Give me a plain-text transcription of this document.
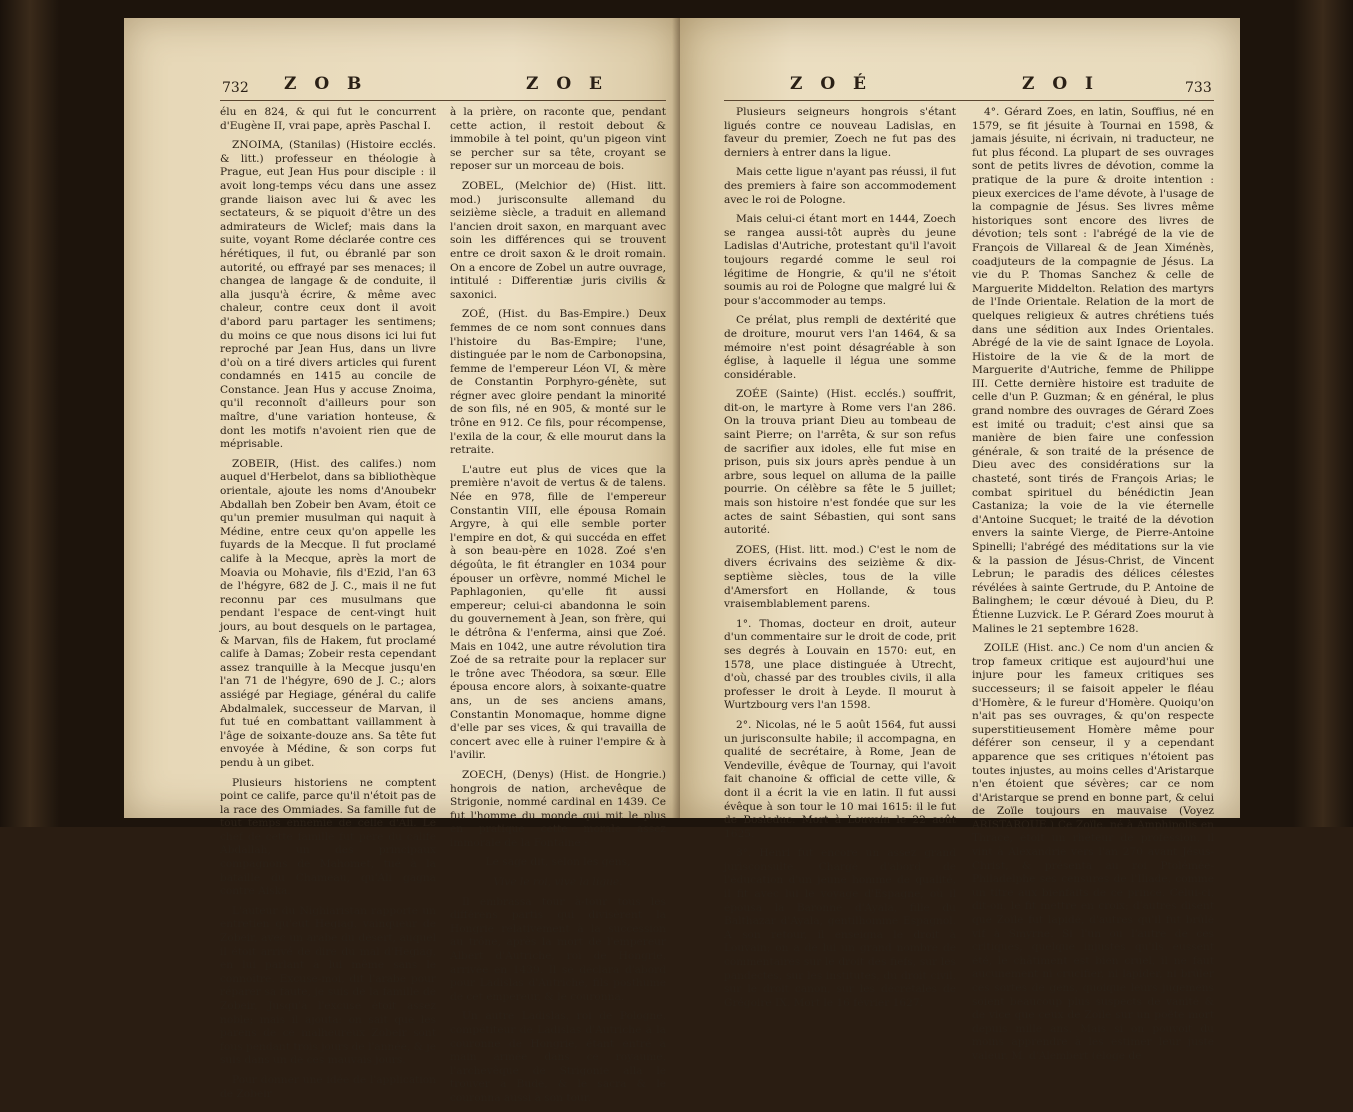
732 Z O B	Z O E

élu en 824, & qui fut le concurrent d'Eugène II, vrai pape, après Paschal I.

ZNOIMA, (Stanilas) (Histoire ecclés. & litt.) professeur en théologie à Prague, eut Jean Hus pour disciple : il avoit long-temps vécu dans une assez grande liaison avec lui & avec les sectateurs, & se piquoit d'être un des admirateurs de Wiclef; mais dans la suite, voyant Rome déclarée contre ces hérétiques, il fut, ou ébranlé par son autorité, ou effrayé par ses menaces; il changea de langage & de conduite, il alla jusqu'à écrire, & même avec chaleur, contre ceux dont il avoit d'abord paru partager les sentimens; du moins ce que nous disons ici lui fut reproché par Jean Hus, dans un livre d'où on a tiré divers articles qui furent condamnés en 1415 au concile de Constance. Jean Hus y accuse Znoima, qu'il reconnoît d'ailleurs pour son maître, d'une variation honteuse, & dont les motifs n'avoient rien que de méprisable.

ZOBEIR, (Hist. des califes.) nom auquel d'Herbelot, dans sa bibliothèque orientale, ajoute les noms d'Anoubekr Abdallah ben Zobeir ben Avam, étoit ce qu'un premier musulman qui naquit à Médine, entre ceux qu'on appelle les fuyards de la Mecque. Il fut proclamé calife à la Mecque, après la mort de Moavia ou Mohavie, fils d'Ezid, l'an 63 de l'hégyre, 682 de J. C., mais il ne fut reconnu par ces musulmans que pendant l'espace de cent-vingt huit jours, au bout desquels on le partagea, & Marvan, fils de Hakem, fut proclamé calife à Damas; Zobeir resta cependant assez tranquille à la Mecque jusqu'en l'an 71 de l'hégyre, 690 de J. C.; alors assiégé par Hegiage, général du calife Abdalmalek, successeur de Marvan, il fut tué en combattant vaillamment à l'âge de soixante-douze ans. Sa tête fut envoyée à Médine, & son corps fut pendu à un gibet.

Plusieurs historiens ne comptent point ce calife, parce qu'il n'étoit pas de la race des Ommiades. Sa famille fut de tout temps ennemie de celle d'Ali. Le chef de cette famille fut père du calife Abdallah, un des principaux compagnons de Mahomet, tué à la bataille du Chameau, qu'Ali gagna contre Aiska.

L'auteur du Nighiaristan rapporte un entretien qu'eut Hegiag, vainqueur de Zobeir, avec un arabe du désert, auquel il étoit arrivé de dire du mal d'Hegiag, en lui parlant à lui même sans le connoître. Excuse-moi, dit l'arabe pour réparer sa faute, je suis de la famille de Zobeir, Jusqu'à l'excuse étoit assez noble; mais il ajouta: on sait que les parens de ce malheureux Zobeir sont fous pendant trois jours de l'année, & je suis dans un de ces mauvais jours.

Pour donner une idée de l'application de Zobeir

à la prière, on raconte que, pendant cette action, il restoit debout & immobile à tel point, qu'un pigeon vint se percher sur sa tête, croyant se reposer sur un morceau de bois.

ZOBEL, (Melchior de) (Hist. litt. mod.) jurisconsulte allemand du seizième siècle, a traduit en allemand l'ancien droit saxon, en marquant avec soin les différences qui se trouvent entre ce droit saxon & le droit romain. On a encore de Zobel un autre ouvrage, intitulé : Differentiæ juris civilis & saxonici.

ZOÉ, (Hist. du Bas-Empire.) Deux femmes de ce nom sont connues dans l'histoire du Bas-Empire; l'une, distinguée par le nom de Carbonopsina, femme de l'empereur Léon VI, & mère de Constantin Porphyro-génète, sut régner avec gloire pendant la minorité de son fils, né en 905, & monté sur le trône en 912. Ce fils, pour récompense, l'exila de la cour, & elle mourut dans la retraite.

L'autre eut plus de vices que la première n'avoit de vertus & de talens. Née en 978, fille de l'empereur Constantin VIII, elle épousa Romain Argyre, à qui elle semble porter l'empire en dot, & qui succéda en effet à son beau-père en 1028. Zoé s'en dégoûta, le fit étrangler en 1034 pour épouser un orfèvre, nommé Michel le Paphlagonien, qu'elle fit aussi empereur; celui-ci abandonna le soin du gouvernement à Jean, son frère, qui le détrôna & l'enferma, ainsi que Zoé. Mais en 1042, une autre révolution tira Zoé de sa retraite pour la replacer sur le trône avec Théodora, sa sœur. Elle épousa encore alors, à soixante-quatre ans, un de ses anciens amans, Constantin Monomaque, homme digne d'elle par ses vices, & qui travailla de concert avec elle à ruiner l'empire & à l'avilir.

ZOECH, (Denys) (Hist. de Hongrie.) hongrois de nation, archevêque de Strigonie, nommé cardinal en 1439. Ce fut l'homme du monde qui mit le plus en pratique cette morale assez immorale de la Fontaine :

Le sage dit, selon les gens,

Vive le roi, vive la ligue.

Il embrassa tour à-tour tous les différens partis qui divisèrent la Hongrie relativement à la succession au trône, après la mort de l'empereur Albert d'Autriche, roi de Hongrie, arrivée en 1439. Il se déclara d'abord pour Ladislas d'Autriche, fils posthume de cet empereur, & le couronna.

Un autre Ladislas, roi de Pologne, compétiteur de Ladislas d'Autriche à la couronne de Hongrie, étant entré à main armée dans ce royaume, l'archevêque de Strigonie alla le trouver à Bude, & le sacra & le couronna aussi à son tour.

Z O É	Z O I	733

Plusieurs seigneurs hongrois s'étant ligués contre ce nouveau Ladislas, en faveur du premier, Zoech ne fut pas des derniers à entrer dans la ligue.

Mais cette ligue n'ayant pas réussi, il fut des premiers à faire son accommodement avec le roi de Pologne.

Mais celui-ci étant mort en 1444, Zoech se rangea aussi-tôt auprès du jeune Ladislas d'Autriche, protestant qu'il l'avoit toujours regardé comme le seul roi légitime de Hongrie, & qu'il ne s'étoit soumis au roi de Pologne que malgré lui & pour s'accommoder au temps.

Ce prélat, plus rempli de dextérité que de droiture, mourut vers l'an 1464, & sa mémoire n'est point désagréable à son église, à laquelle il légua une somme considérable.

ZOÉE (Sainte) (Hist. ecclés.) souffrit, dit-on, le martyre à Rome vers l'an 286. On la trouva priant Dieu au tombeau de saint Pierre; on l'arrêta, & sur son refus de sacrifier aux idoles, elle fut mise en prison, puis six jours après pendue à un arbre, sous lequel on alluma de la paille pourrie. On célèbre sa fête le 5 juillet; mais son histoire n'est fondée que sur les actes de saint Sébastien, qui sont sans autorité.

ZOES, (Hist. litt. mod.) C'est le nom de divers écrivains des seizième & dix-septième siècles, tous de la ville d'Amersfort en Hollande, & tous vraisemblablement parens.

1°. Thomas, docteur en droit, auteur d'un commentaire sur le droit de code, prit ses degrés à Louvain en 1570: eut, en 1578, une place distinguée à Utrecht, d'où, chassé par des troubles civils, il alla professer le droit à Leyde. Il mourut à Wurtzbourg vers l'an 1598.

2°. Nicolas, né le 5 août 1564, fut aussi un jurisconsulte habile; il accompagna, en qualité de secrétaire, à Rome, Jean de Vendeville, évêque de Tournay, qui l'avoit fait chanoine & official de cette ville, & dont il a écrit la vie en latin. Il fut aussi évêque à son tour le 10 mai 1615: il le fut de Bosleduc. Mort à Louvain le 22 août 1625.

3°. Henri fut encore un assez grand jurisconsulte. Chargé d'abord de l'éducation d'un jeune homme de qualité, il fit avec lui le voyage d'Espagne, où il épousa la Baronne d'Ayala, fille du Balthazar d'Ayala, gentilhomme Espagnol. A son retour, il enseigna le droit à Louvain; on a de lui un grand nombre de commentaires sur le droit des fiefs, sur les pandectes, sur les institutes, du droit civil, sur le droit canon, sur les décrétales de Grégoire IX. Mort le 16 février 1627.

4°. Gérard Zoes, en latin, Souffius, né en 1579, se fit jésuite à Tournai en 1598, & jamais jésuite, ni écrivain, ni traducteur, ne fut plus fécond. La plupart de ses ouvrages sont de petits livres de dévotion, comme la pratique de la pure & droite intention : pieux exercices de l'ame dévote, à l'usage de la compagnie de Jésus. Ses livres même historiques sont encore des livres de dévotion; tels sont : l'abrégé de la vie de François de Villareal & de Jean Ximénès, coadjuteurs de la compagnie de Jésus. La vie du P. Thomas Sanchez & celle de Marguerite Middelton. Relation des martyrs de l'Inde Orientale. Relation de la mort de quelques religieux & autres chrétiens tués dans une sédition aux Indes Orientales. Abrégé de la vie de saint Ignace de Loyola. Histoire de la vie & de la mort de Marguerite d'Autriche, femme de Philippe III. Cette dernière histoire est traduite de celle d'un P. Guzman; & en général, le plus grand nombre des ouvrages de Gérard Zoes est imité ou traduit; c'est ainsi que sa manière de bien faire une confession générale, & son traité de la présence de Dieu avec des considérations sur la chasteté, sont tirés de François Arias; le combat spirituel du bénédictin Jean Castaniza; la voie de la vie éternelle d'Antoine Sucquet; le traité de la dévotion envers la sainte Vierge, de Pierre-Antoine Spinelli; l'abrégé des méditations sur la vie & la passion de Jésus-Christ, de Vincent Lebrun; le paradis des délices célestes révélées à sainte Gertrude, du P. Antoine de Balinghem; le cœur dévoué à Dieu, du P. Étienne Luzvick. Le P. Gérard Zoes mourut à Malines le 21 septembre 1628.

ZOILE (Hist. anc.) Ce nom d'un ancien & trop fameux critique est aujourd'hui une injure pour les fameux critiques ses successeurs; il se faisoit appeler le fléau d'Homère, & le fureur d'Homère. Quoiqu'on n'ait pas ses ouvrages, & qu'on respecte superstitieusement Homère même pour déférer son censeur, il y a cependant apparence que ses critiques n'étoient pas toutes injustes, au moins celles d'Aristarque n'en étoient que sévères; car ce nom d'Aristarque se prend en bonne part, & celui de Zoïle toujours en mauvaise (Voyez ARISTARQUE.) Ce Zoïle, né à Amphipolis en Thrace, étoit un rhéteur de profession, il vint à Alexandrie vers l'an 270 avant Jésus-Christ, & présenta au roi Ptolémée-Philadelphe ses censures de l'Iliade, comme un titre aux bienfaits de ce prince. Celui-ci, dit-on, le fit mettre en croix; d'autres disent que Zoïle fut lapidé, d'autres qu'il fut brûlé vif à Smyrne. Si l'un ou l'autre de ces critiques, quelque injustes qu'ils eussent été, le châtiment est bien cruel, il ne faut aucunement ni crucifier, ni lapider, ni brûler ces sortes de gens, quoique leurs jugemens soient beaucoup plus suspects de vanité & de vice que ceux de Zoïle sur un poëte mort depuis mille ans. Mais si on pouvoit du moins apprendre à les estimer leur juste valeur. M. d'Alembert (éloge de
